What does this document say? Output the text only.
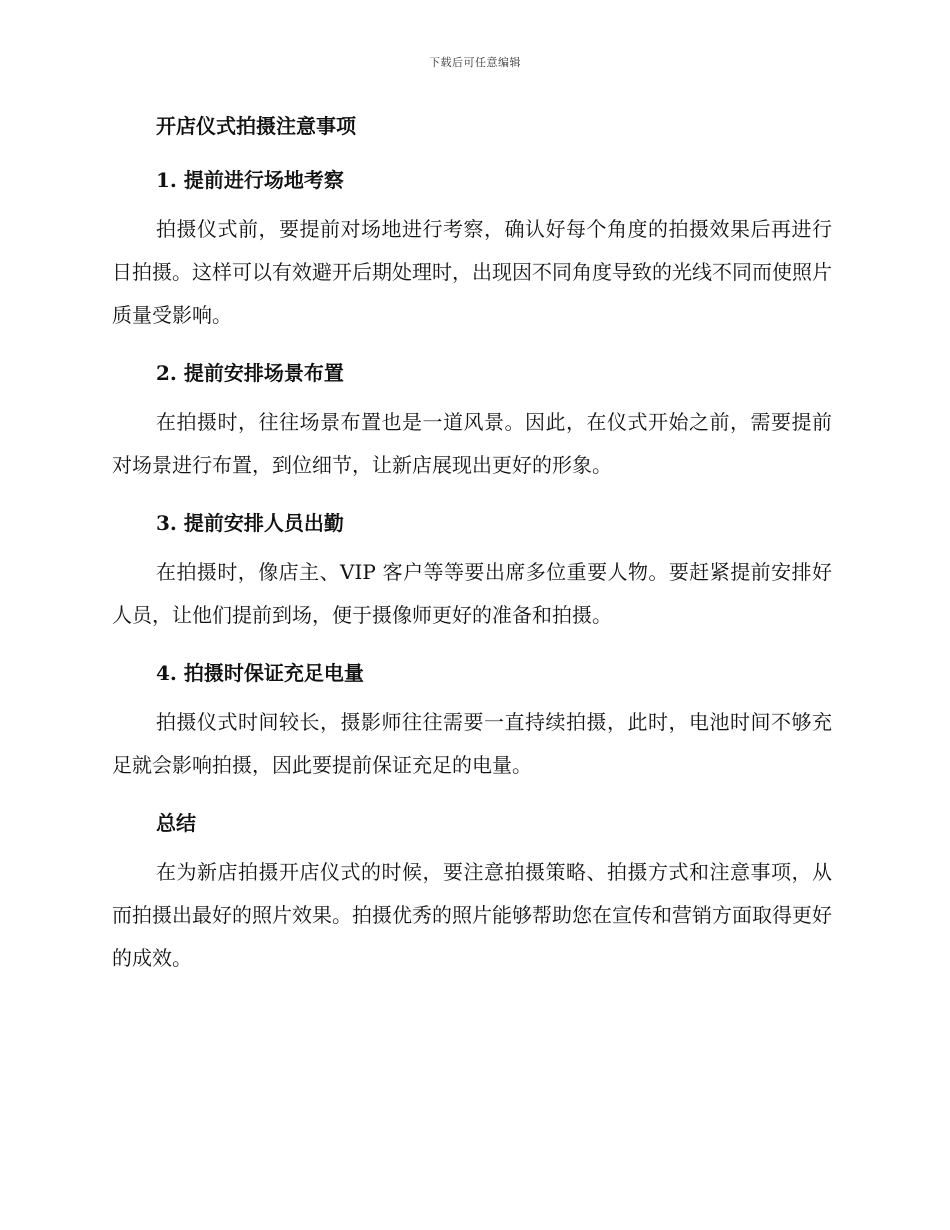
下载后可任意编辑
开店仪式拍摄注意事项
1. 提前进行场地考察

拍摄仪式前，要提前对场地进行考察，确认好每个角度的拍摄效果后再进行日拍摄。这样可以有效避开后期处理时，出现因不同角度导致的光线不同而使照片质量受影响。

2. 提前安排场景布置

在拍摄时，往往场景布置也是一道风景。因此，在仪式开始之前，需要提前对场景进行布置，到位细节，让新店展现出更好的形象。

3. 提前安排人员出勤

在拍摄时，像店主、VIP 客户等等要出席多位重要人物。要赶紧提前安排好人员，让他们提前到场，便于摄像师更好的准备和拍摄。

4. 拍摄时保证充足电量

拍摄仪式时间较长，摄影师往往需要一直持续拍摄，此时，电池时间不够充足就会影响拍摄，因此要提前保证充足的电量。

总结

在为新店拍摄开店仪式的时候，要注意拍摄策略、拍摄方式和注意事项，从而拍摄出最好的照片效果。拍摄优秀的照片能够帮助您在宣传和营销方面取得更好的成效。
